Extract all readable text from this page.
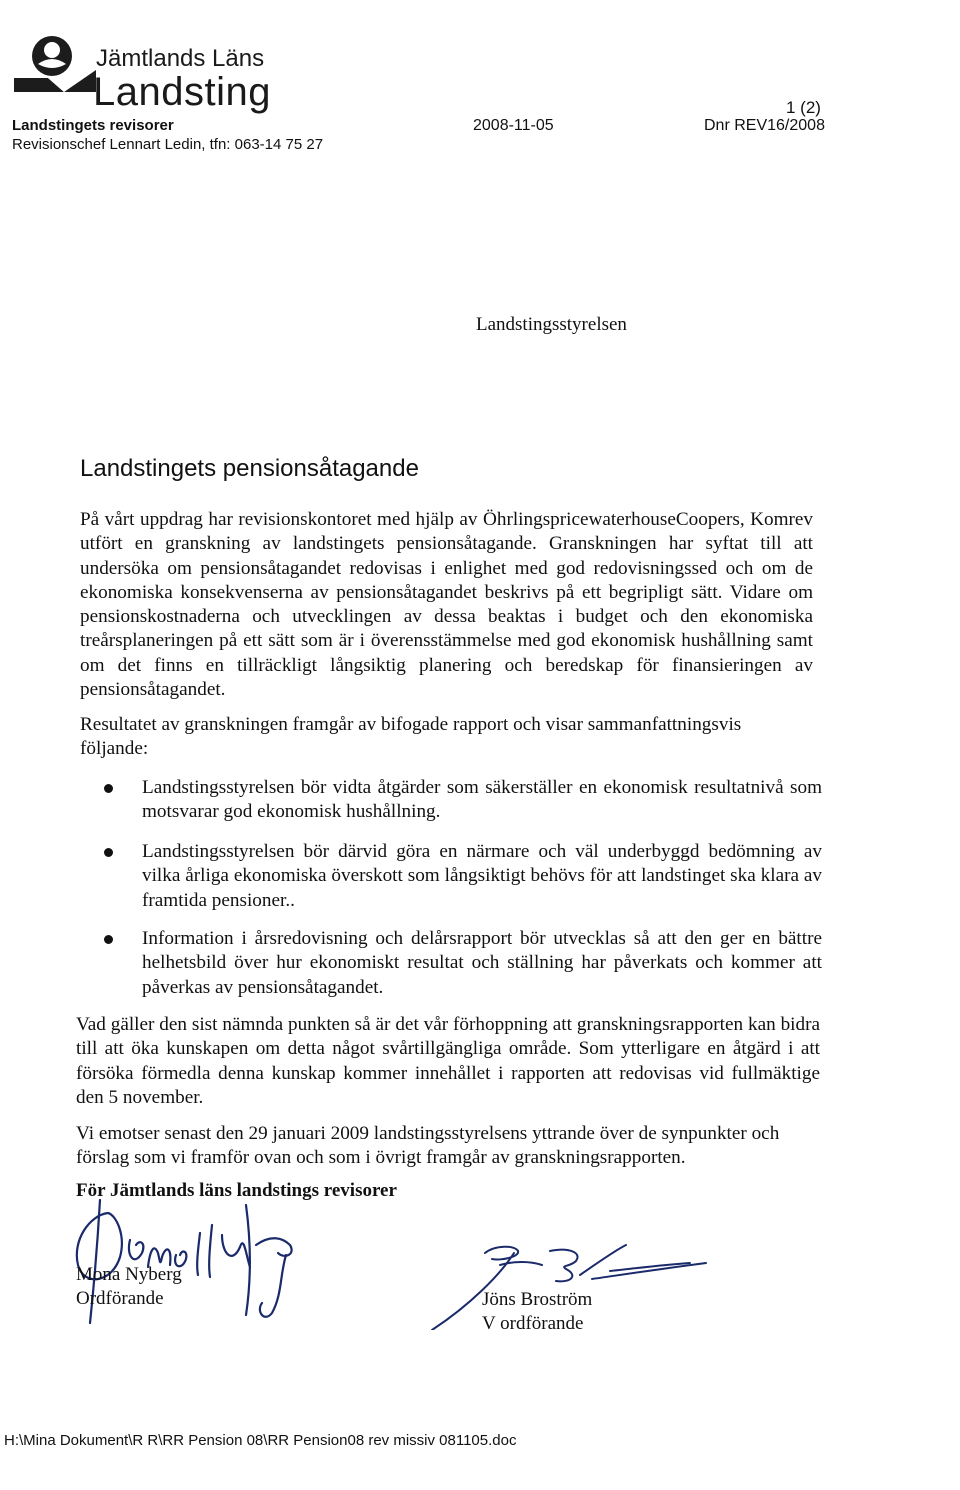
Jämtlands Läns
Landsting	1 (2)
Landstingets revisorer
Revisionschef Lennart Ledin, tfn: 063-14 75 27
2008-11-05	Dnr REV16/2008
Landstingsstyrelsen
Landstingets pensionsåtagande
På vårt uppdrag har revisionskontoret med hjälp av ÖhrlingspricewaterhouseCoopers, Komrev utfört en granskning av landstingets pensionsåtagande. Granskningen har syftat till att undersöka om pensionsåtagandet redovisas i enlighet med god redovisningssed och om de ekonomiska konsekvenserna av pensionsåtagandet beskrivs på ett begripligt sätt. Vidare om pensionskostnaderna och utvecklingen av dessa beaktas i budget och den ekonomiska treårsplaneringen på ett sätt som är i överensstämmelse med god ekonomisk hushållning samt om det finns en tillräckligt långsiktig planering och beredskap för finansieringen av pensionsåtagandet.
Resultatet av granskningen framgår av bifogade rapport och visar sammanfattningsvis följande:
Landstingsstyrelsen bör vidta åtgärder som säkerställer en ekonomisk resultatnivå som motsvarar god ekonomisk hushållning.
Landstingsstyrelsen bör därvid göra en närmare och väl underbyggd bedömning av vilka årliga ekonomiska överskott som långsiktigt behövs för att landstinget ska klara av framtida pensioner..
Information i årsredovisning och delårsrapport bör utvecklas så att den ger en bättre helhetsbild över hur ekonomiskt resultat och ställning har påverkats och kommer att påverkas av pensionsåtagandet.
Vad gäller den sist nämnda punkten så är det vår förhoppning att granskningsrapporten kan bidra till att öka kunskapen om detta något svårtillgängliga område. Som ytterligare en åtgärd i att försöka förmedla denna kunskap kommer innehållet i rapporten att redovisas vid fullmäktige den 5 november.
Vi emotser senast den 29 januari 2009 landstingsstyrelsens yttrande över de synpunkter och förslag som vi framför ovan och som i övrigt framgår av granskningsrapporten.
För Jämtlands läns landstings revisorer
Mona Nyberg
Ordförande	Jöns Broström
V ordförande
H:\Mina Dokument\R R\RR Pension 08\RR Pension08 rev missiv 081105.doc
